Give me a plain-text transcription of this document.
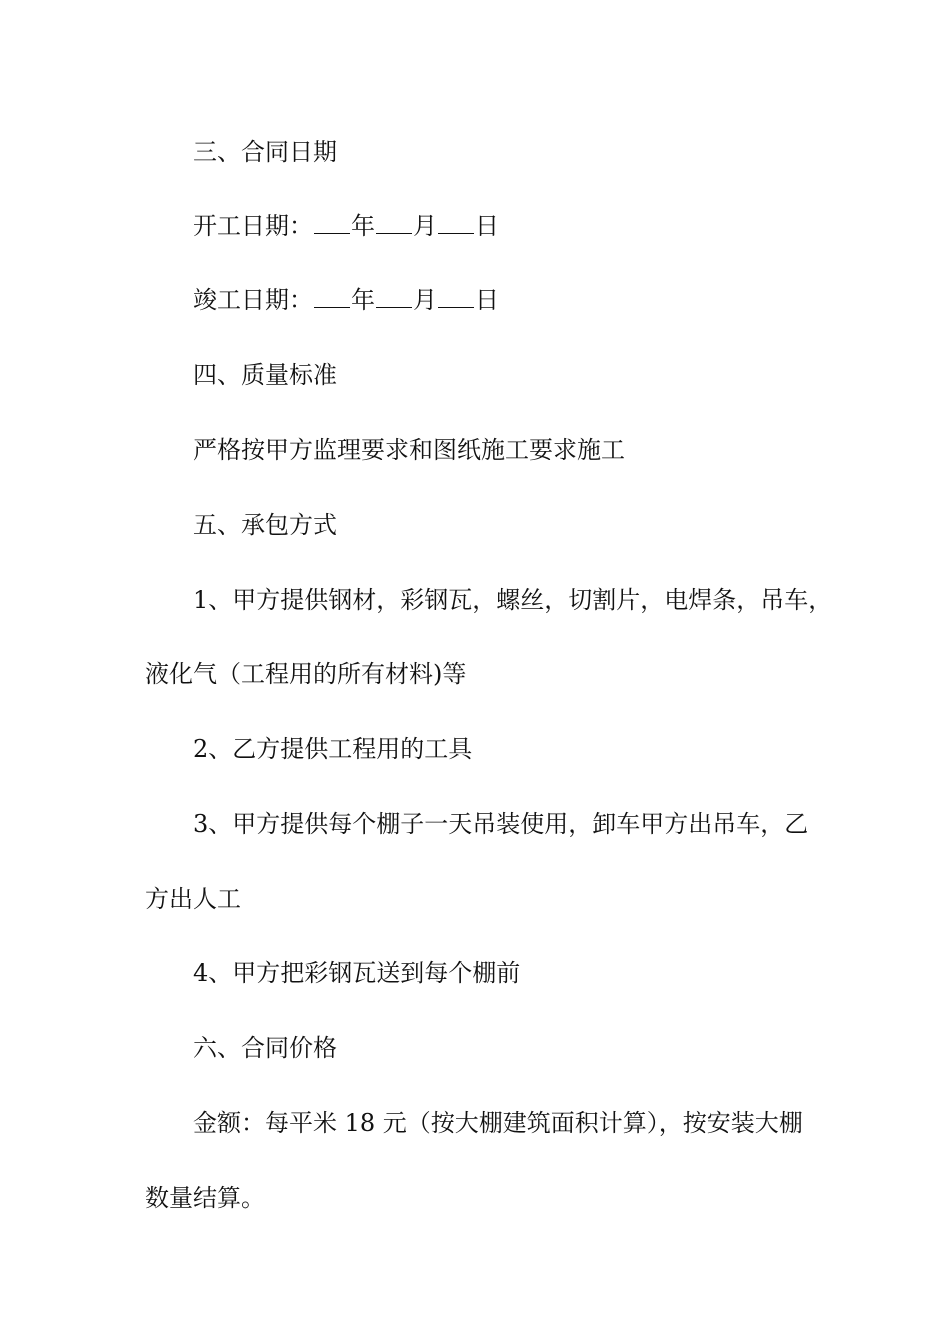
三、合同日期

开工日期： 年 月 日

竣工日期： 年 月 日

四、质量标准

严格按甲方监理要求和图纸施工要求施工

五、承包方式

1、甲方提供钢材，彩钢瓦，螺丝，切割片，电焊条，吊车，

液化气（工程用的所有材料)等

2、乙方提供工程用的工具

3、甲方提供每个棚子一天吊装使用，卸车甲方出吊车，乙

方出人工

4、甲方把彩钢瓦送到每个棚前

六、合同价格

金额：每平米 18 元（按大棚建筑面积计算），按安装大棚

数量结算。
